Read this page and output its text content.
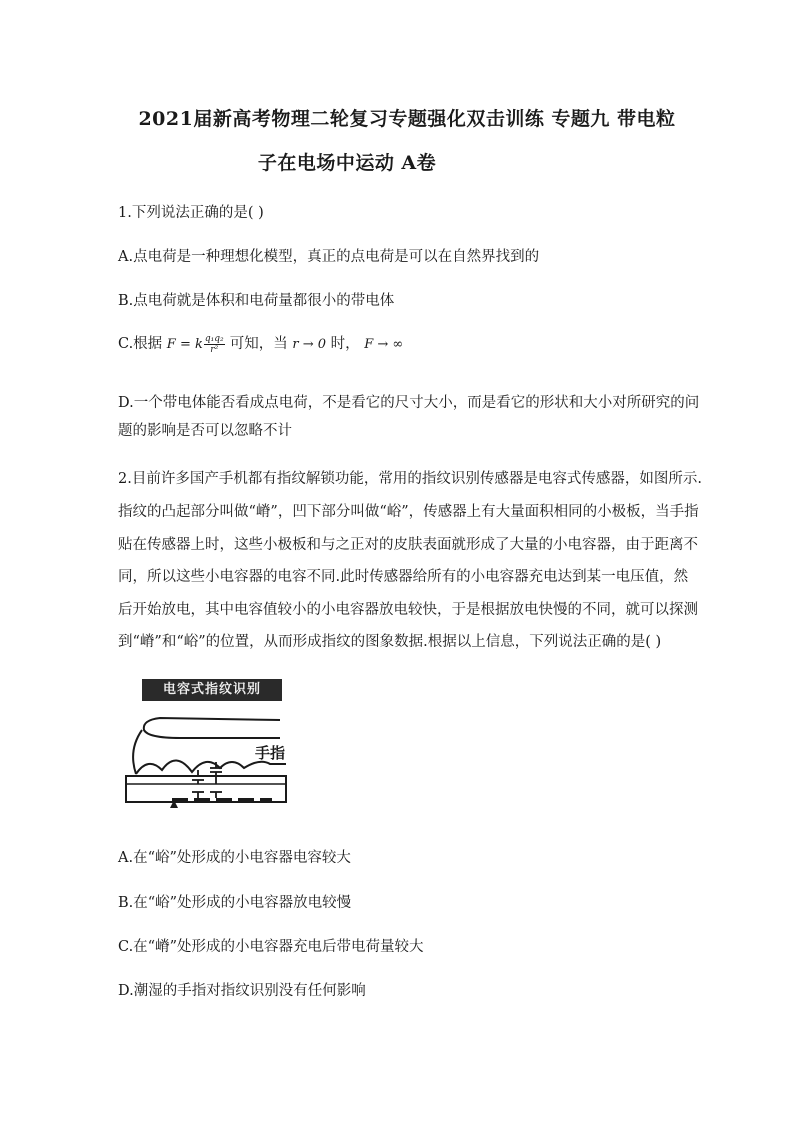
2021届新高考物理二轮复习专题强化双击训练 专题九 带电粒
子在电场中运动 A卷
1.下列说法正确的是( )
A.点电荷是一种理想化模型，真正的点电荷是可以在自然界找到的
B.点电荷就是体积和电荷量都很小的带电体
C.根据 F = k $\frac{\text{q₁q₂}}{\text{r²}}$ 可知，当 r → 0 时， F → ∞
D.一个带电体能否看成点电荷，不是看它的尺寸大小，而是看它的形状和大小对所研究的问
题的影响是否可以忽略不计
2.目前许多国产手机都有指纹解锁功能，常用的指纹识别传感器是电容式传感器，如图所示.
指纹的凸起部分叫做“嵴”，凹下部分叫做“峪”，传感器上有大量面积相同的小极板，当手指
贴在传感器上时，这些小极板和与之正对的皮肤表面就形成了大量的小电容器，由于距离不
同，所以这些小电容器的电容不同.此时传感器给所有的小电容器充电达到某一电压值，然
后开始放电，其中电容值较小的小电容器放电较快，于是根据放电快慢的不同，就可以探测
到“嵴”和“峪”的位置，从而形成指纹的图象数据.根据以上信息，下列说法正确的是( )
电容式指纹识别
手指
A.在“峪”处形成的小电容器电容较大
B.在“峪”处形成的小电容器放电较慢
C.在“嵴”处形成的小电容器充电后带电荷量较大
D.潮湿的手指对指纹识别没有任何影响
